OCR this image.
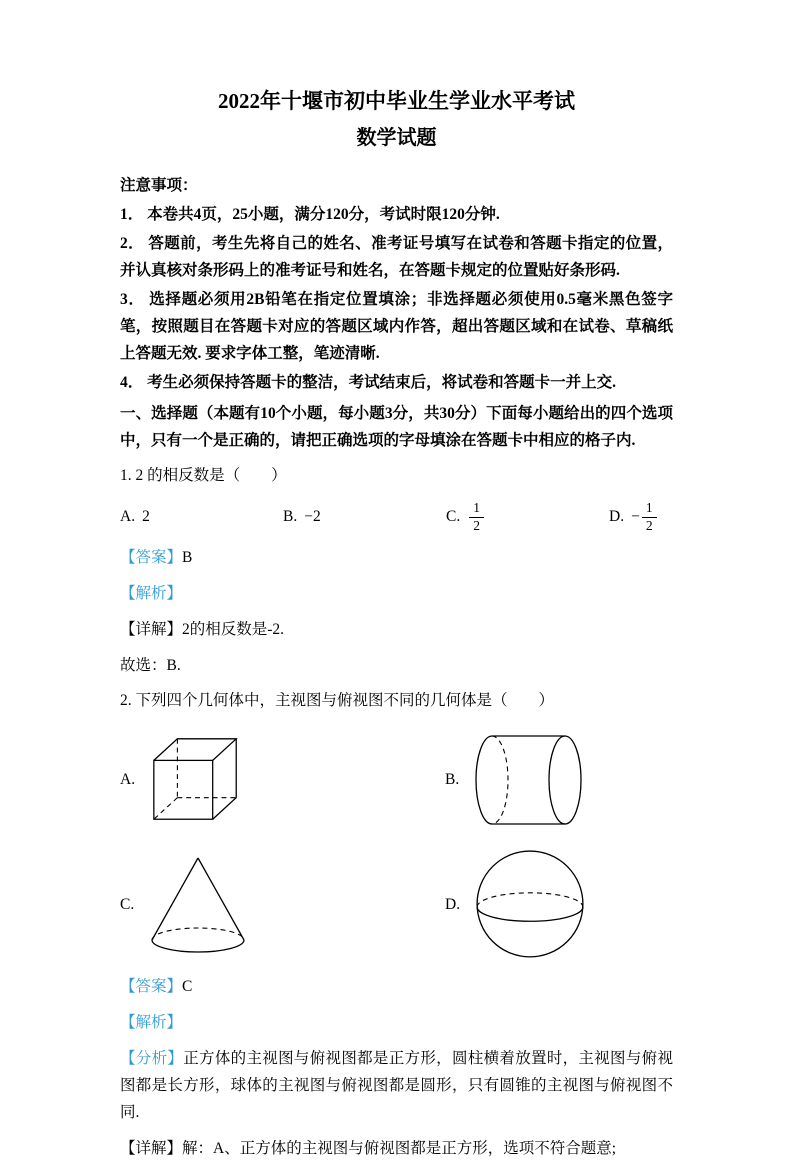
2022年十堰市初中毕业生学业水平考试
数学试题

注意事项：

1． 本卷共4页，25小题，满分120分，考试时限120分钟.

2． 答题前，考生先将自己的姓名、准考证号填写在试卷和答题卡指定的位置，并认真核对条形码上的准考证号和姓名，在答题卡规定的位置贴好条形码.

3． 选择题必须用2B铅笔在指定位置填涂；非选择题必须使用0.5毫米黑色签字笔，按照题目在答题卡对应的答题区域内作答，超出答题区域和在试卷、草稿纸上答题无效. 要求字体工整，笔迹清晰.

4． 考生必须保持答题卡的整洁，考试结束后，将试卷和答题卡一并上交.

一、选择题（本题有10个小题，每小题3分，共30分）下面每小题给出的四个选项中，只有一个是正确的，请把正确选项的字母填涂在答题卡中相应的格子内.

1. 2 的相反数是（　　）

A. 2	B. −2	C. $\frac{1}{2}$	D. − $\frac{1}{2}$

【答案】B

【解析】

【详解】2的相反数是-2.

故选：B.

2. 下列四个几何体中，主视图与俯视图不同的几何体是（　　）

A.	B.
C.	D.

【答案】C

【解析】

【分析】正方体的主视图与俯视图都是正方形，圆柱横着放置时，主视图与俯视图都是长方形，球体的主视图与俯视图都是圆形，只有圆锥的主视图与俯视图不同.

【详解】解：A、正方体的主视图与俯视图都是正方形，选项不符合题意;
